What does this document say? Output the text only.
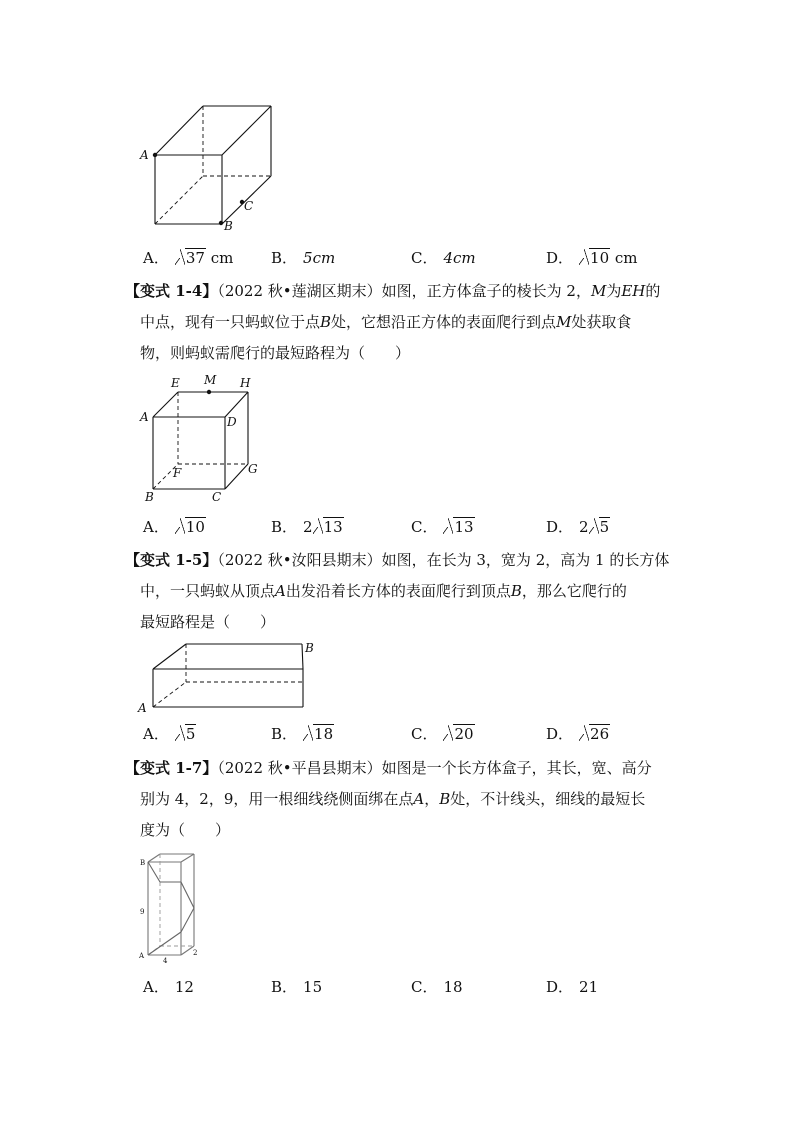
A
B
C
A． 37 cm	B． 5cm	C． 4cm	D． 10 cm
【变式 1-4】（2022 秋•莲湖区期末）如图，正方体盒子的棱长为 2，M为EH的
中点，现有一只蚂蚁位于点B处，它想沿正方体的表面爬行到点M处获取食
物，则蚂蚁需爬行的最短路程为（　　）
E M H
A	D
F	G
B	C
A． 10	B． 2 13	C． 13	D． 2 5
【变式 1-5】（2022 秋•汝阳县期末）如图，在长为 3，宽为 2，高为 1 的长方体
中，一只蚂蚁从顶点A出发沿着长方体的表面爬行到顶点B，那么它爬行的
最短路程是（　　）
B
A
A． 5	B． 18	C． 20	D． 26
【变式 1-7】（2022 秋•平昌县期末）如图是一个长方体盒子，其长，宽、高分
别为 4，2，9，用一根细线绕侧面绑在点A，B处，不计线头，细线的最短长
度为（　　）
B
A
9
4
2
A． 12	B． 15	C． 18	D． 21
